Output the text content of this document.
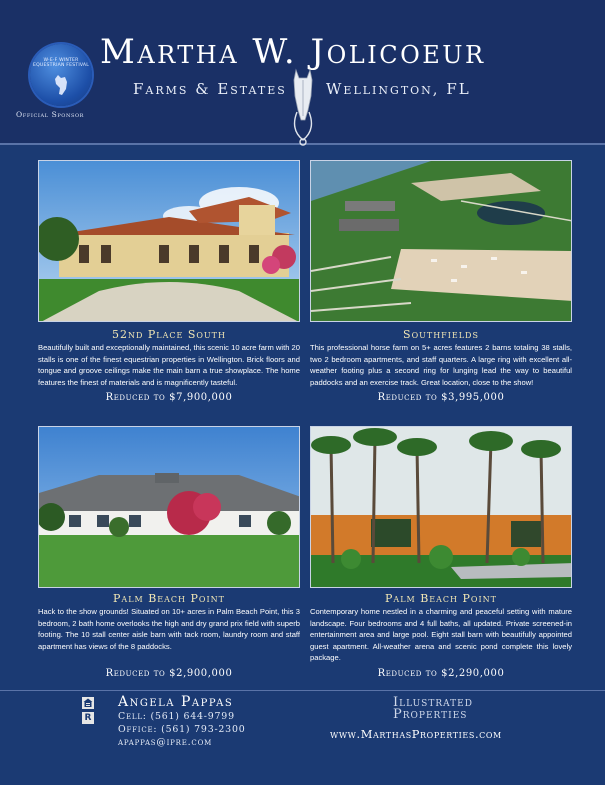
W·E·F WINTER EQUESTRIAN FESTIVAL
Official Sponsor
Martha W. Jolicoeur
Farms & Estates	Wellington, FL
52nd Place South
Beautifully built and exceptionally maintained, this scenic 10 acre farm with 20 stalls is one of the finest equestrian properties in Wellington. Brick floors and tongue and groove ceilings make the main barn a true showplace. The home features the finest of materials and is magnificently tasteful.
Reduced to $7,900,000
Southfields
This professional horse farm on 5+ acres features 2 barns totaling 38 stalls, two 2 bedroom apartments, and staff quarters. A large ring with excellent all-weather footing plus a second ring for lunging lead the way to beautiful paddocks and an exercise track. Great location, close to the show!
Reduced to $3,995,000
Palm Beach Point
Hack to the show grounds! Situated on 10+ acres in Palm Beach Point, this 3 bedroom, 2 bath home overlooks the high and dry grand prix field with superb footing. The 10 stall center aisle barn with tack room, laundry room and staff apartment has views of the 8 paddocks.
Reduced to $2,900,000
Palm Beach Point
Contemporary home nestled in a charming and peaceful setting with mature landscape. Four bedrooms and 4 full baths, all updated. Private screened-in entertainment area and large pool. Eight stall barn with beautifully appointed guest apartment. All-weather arena and scenic pond complete this lovely package.
Reduced to $2,290,000
R
Angela Pappas
Cell: (561) 644-9799
Office: (561) 793-2300
apappas@ipre.com
Illustrated Properties
www.MarthasProperties.com
